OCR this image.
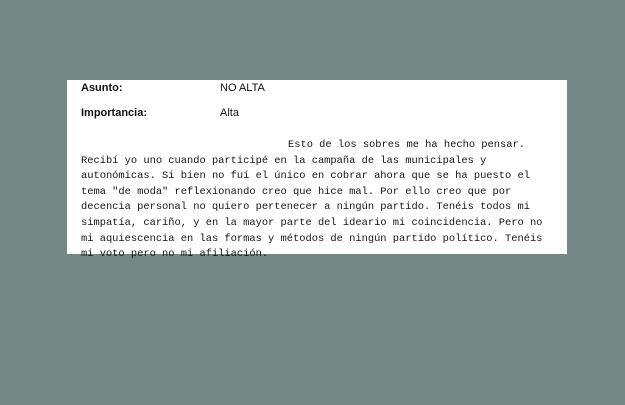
Asunto:	NO ALTA
Importancia:	Alta
Esto de los sobres me ha hecho pensar.
Recibí yo uno cuando participé en la campaña de las municipales y
autonómicas. Si bien no fuí el único en cobrar ahora que se ha puesto el
tema "de moda" reflexionando creo que hice mal. Por ello creo que por
decencia personal no quiero pertenecer a ningún partido. Tenéis todos mi
simpatía, cariño, y en la mayor parte del ideario mi coincidencia. Pero no
mi aquiescencia en las formas y métodos de ningún partido político. Tenéis
mi voto pero no mi afiliación.
